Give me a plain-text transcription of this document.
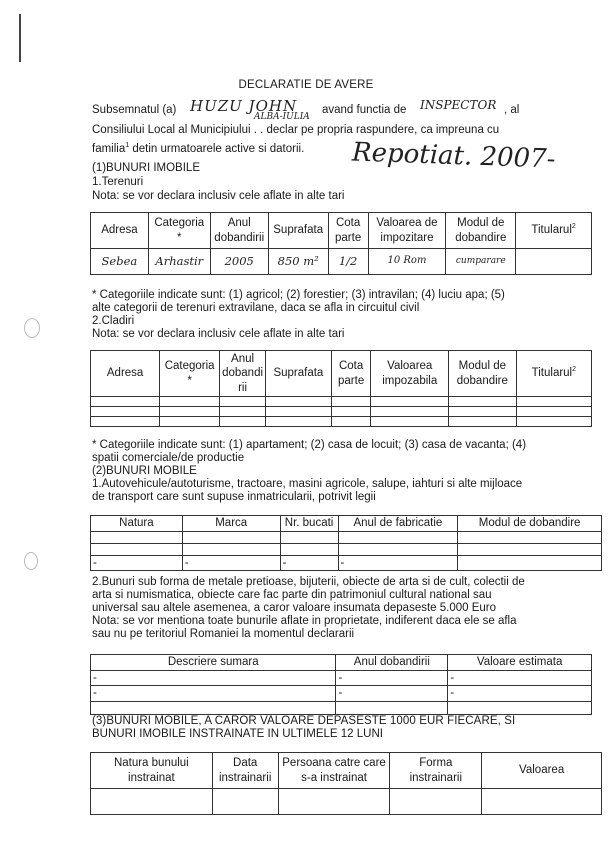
DECLARATIE DE AVERE
Subsemnatul (a) HUZU JOHN
ALBA-IULIA
avand functia de INSPECTOR , al
Consiliului Local al Municipiului . . declar pe propria raspundere, ca impreuna cu
familia$^1$ detin urmatoarele active si datorii. Repotiat. 2007-
(1)BUNURI IMOBILE
1.Terenuri
Nota: se vor declara inclusiv cele aflate in alte tari
Adresa	Categoria *	Anul dobandirii	Suprafata	Cota parte	Valoarea de impozitare	Modul de dobandire	Titularul$^2$
Sebea	Arhastir	2005	850 m²	1/2	10 Rom	cumparare	
* Categoriile indicate sunt: (1) agricol; (2) forestier; (3) intravilan; (4) luciu apa; (5)
alte categorii de terenuri extravilane, daca se afla in circuitul civil
2.Cladiri
Nota: se vor declara inclusiv cele aflate in alte tari
Adresa	Categoria *	Anul dobandi rii	Suprafata	Cota parte	Valoarea impozabila	Modul de dobandire	Titularul$^2$

* Categoriile indicate sunt: (1) apartament; (2) casa de locuit; (3) casa de vacanta; (4)
spatii comerciale/de productie
(2)BUNURI MOBILE
1.Autovehicule/autoturisme, tractoare, masini agricole, salupe, iahturi si alte mijloace
de transport care sunt supuse inmatricularii, potrivit legii
Natura	Marca	Nr. bucati	Anul de fabricatie	Modul de dobandire

-	-	-	-	
2.Bunuri sub forma de metale pretioase, bijuterii, obiecte de arta si de cult, colectii de
arta si numismatica, obiecte care fac parte din patrimoniul cultural national sau
universal sau altele asemenea, a caror valoare insumata depaseste 5.000 Euro
Nota: se vor mentiona toate bunurile aflate in proprietate, indiferent daca ele se afla
sau nu pe teritoriul Romaniei la momentul declararii
Descriere sumara	Anul dobandirii	Valoare estimata
-	-	-
-	-	-

(3)BUNURI MOBILE, A CAROR VALOARE DEPASESTE 1000 EUR FIECARE, SI
BUNURI IMOBILE INSTRAINATE IN ULTIMELE 12 LUNI
Natura bunului instrainat	Data instrainarii	Persoana catre care s-a instrainat	Forma instrainarii	Valoarea
